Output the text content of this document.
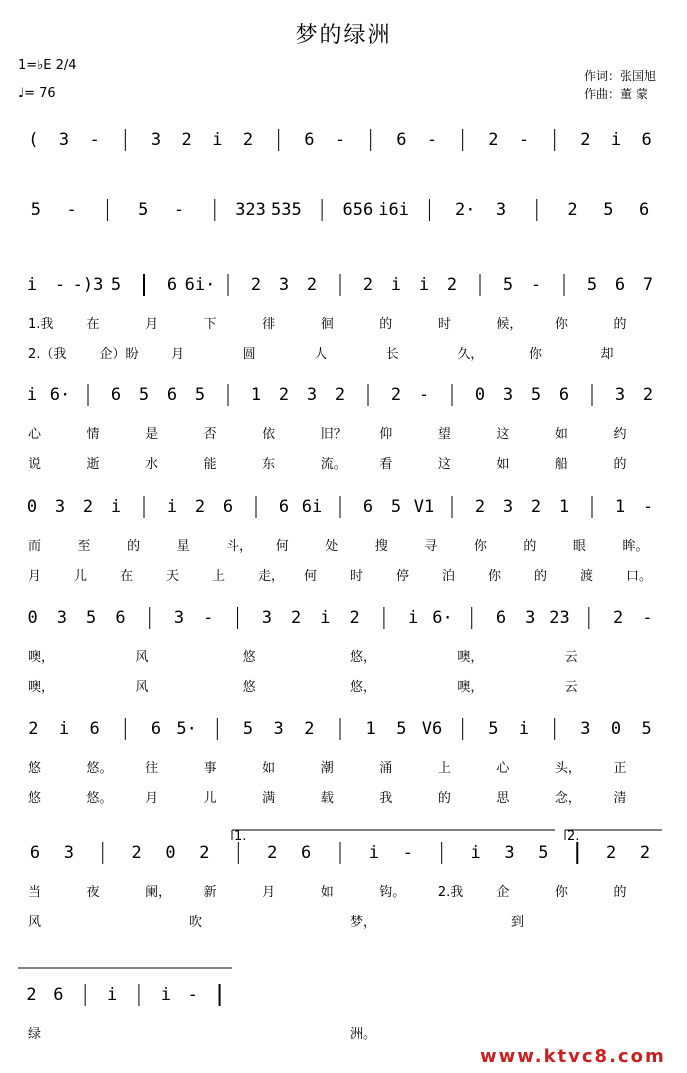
梦的绿洲
1=♭E 2/4
♩= 76
作词：张国旭
作曲：董 蒙
( 3 -	3 2 i 2	6 -	6 -	2 -	2 i 6
5 -	5 -	323 535 656 i6i	2· 3	2 5 6
i - -)3 5	6 6i· 2 3 2	2 i i 2	5 -	5 6 7
1.我	在	月	下	徘	徊	的	时	候，	你	的
2.（我	企）盼	月	圆	人	长	久，	你	却
i 6· 6 5 6 5	1 2 3 2	2 -	0 3 5 6	3 2
心	情	是	否	依	旧？	仰	望	这	如	约
说	逝	水	能	东	流。	看	这	如	船	的
0 3 2 i	i 2 6	6 6i 6 5 V1 2 3 2 1	1 -
而	至	的	星	斗， 何	处	搜	寻	你	的	眼	眸。
月	儿	在	天	上	走， 何	时	停	泊	你	的	渡	口。
0 3 5 6	3 -	3 2 i 2	i 6·	6 3 23	2 -
噢，	风	悠	悠，	噢，	云
噢，	风	悠	悠，	噢，	云
2 i 6	6 5·	5 3 2	1 5 V6	5 i	3 0 5
悠	悠。	往	事	如	潮	涌	上	心	头，	正
悠	悠。	月	儿	满	载	我	的	思	念，	清
6 3	2 0 2	2 6	i -	i 3 5	2 2
当	夜	阑，	新	月	如	钩。	2.我	企	你	的
风	吹	梦，	到
2 6	i	i -
绿	洲。
1.	2.
www.ktvc8.com
